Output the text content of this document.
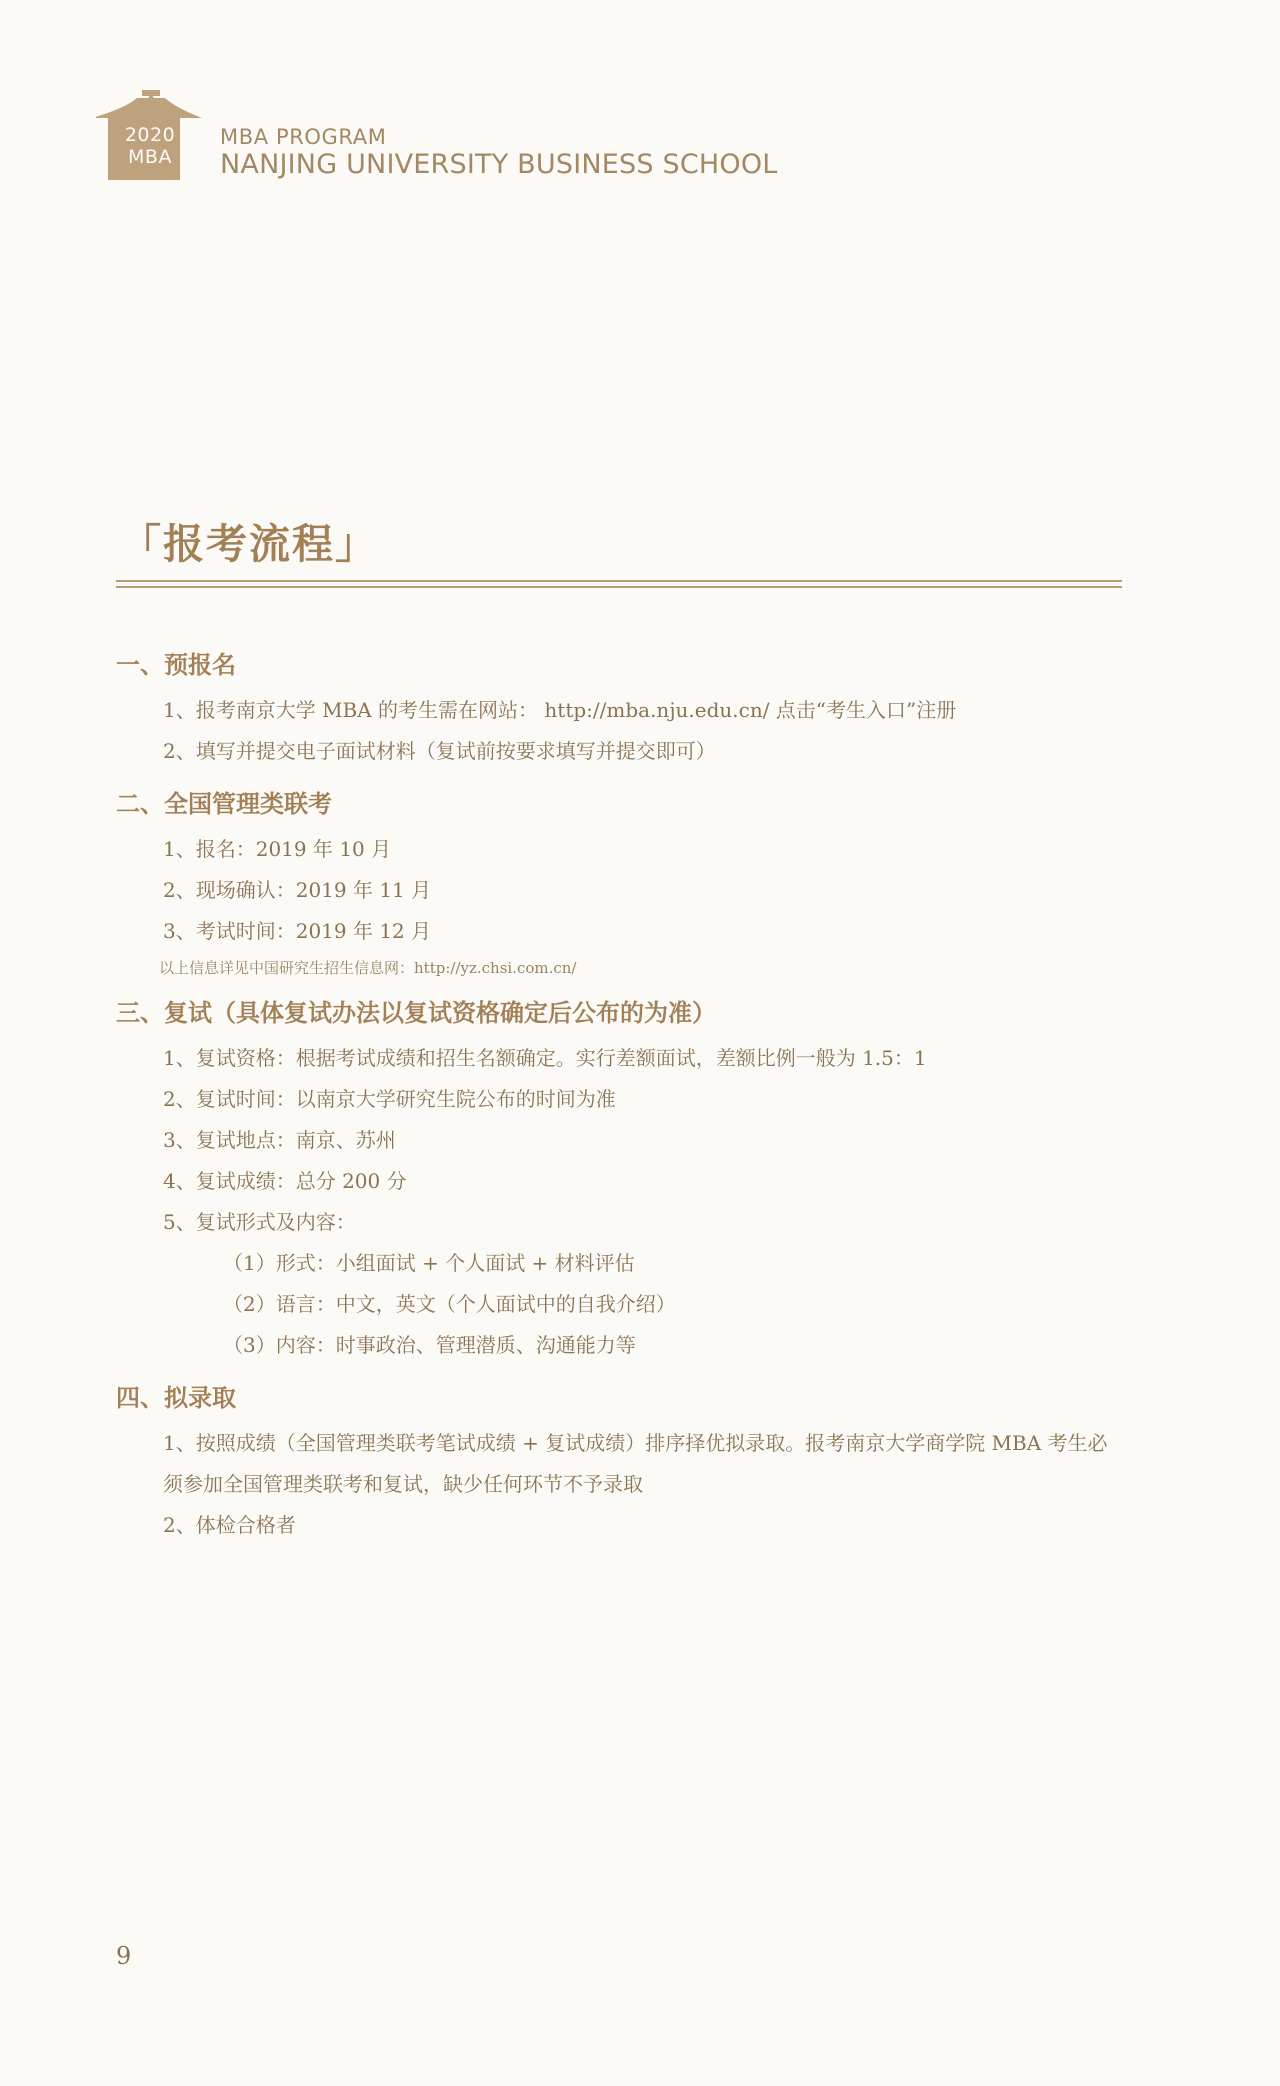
2020
MBA
MBA PROGRAM
NANJING UNIVERSITY BUSINESS SCHOOL
「报考流程」
一、预报名
1、报考南京大学 MBA 的考生需在网站： http://mba.nju.edu.cn/ 点击“考生入口”注册
2、填写并提交电子面试材料（复试前按要求填写并提交即可）
二、全国管理类联考
1、报名：2019 年 10 月
2、现场确认：2019 年 11 月
3、考试时间：2019 年 12 月
以上信息详见中国研究生招生信息网：http://yz.chsi.com.cn/
三、复试（具体复试办法以复试资格确定后公布的为准）
1、复试资格：根据考试成绩和招生名额确定。实行差额面试，差额比例一般为 1.5：1
2、复试时间：以南京大学研究生院公布的时间为准
3、复试地点：南京、苏州
4、复试成绩：总分 200 分
5、复试形式及内容：
（1）形式：小组面试 + 个人面试 + 材料评估
（2）语言：中文，英文（个人面试中的自我介绍）
（3）内容：时事政治、管理潜质、沟通能力等
四、拟录取
1、按照成绩（全国管理类联考笔试成绩 + 复试成绩）排序择优拟录取。报考南京大学商学院 MBA 考生必须参加全国管理类联考和复试，缺少任何环节不予录取
2、体检合格者
9
